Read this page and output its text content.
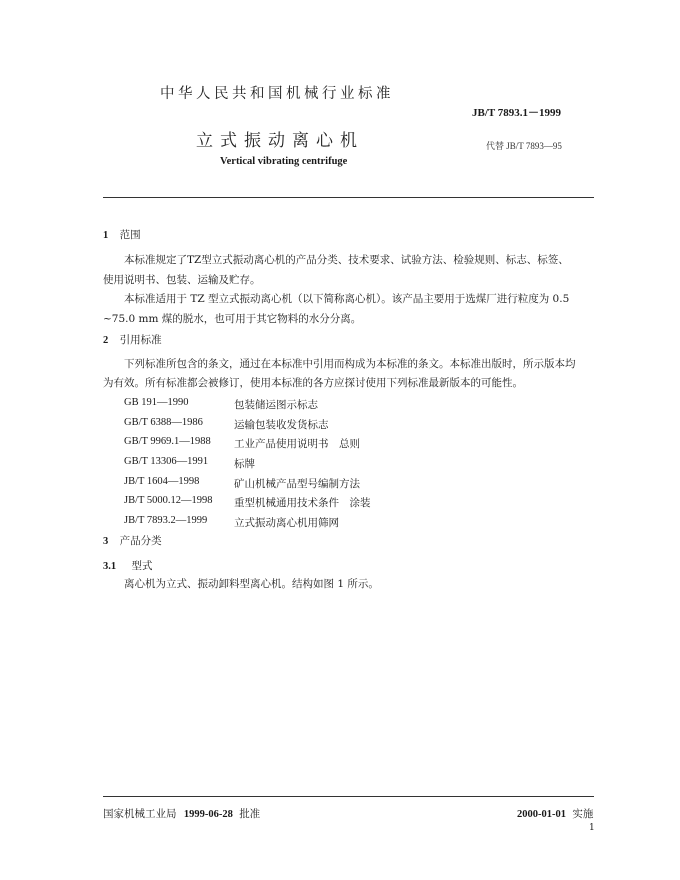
中华人民共和国机械行业标准
JB/T 7893.1－1999
立式振动离心机	代替 JB/T 7893—95
Vertical vibrating centrifuge
1 范围
本标准规定了TZ型立式振动离心机的产品分类、技术要求、试验方法、检验规则、标志、标签、
使用说明书、包装、运输及贮存。
本标准适用于 TZ 型立式振动离心机（以下简称离心机）。该产品主要用于选煤厂进行粒度为 0.5
~75.0 mm 煤的脱水，也可用于其它物料的水分分离。
2 引用标准
下列标准所包含的条文，通过在本标准中引用而构成为本标准的条文。本标准出版时，所示版本均
为有效。所有标准都会被修订，使用本标准的各方应探讨使用下列标准最新版本的可能性。
GB 191—1990	包装储运图示标志
GB/T 6388—1986	运输包装收发货标志
GB/T 9969.1—1988 工业产品使用说明书　总则
GB/T 13306—1991 标牌
JB/T 1604—1998	矿山机械产品型号编制方法
JB/T 5000.12—1998 重型机械通用技术条件　涂装
JB/T 7893.2—1999	立式振动离心机用筛网
3 产品分类
3.1 型式
离心机为立式、振动卸料型离心机。结构如图 1 所示。
国家机械工业局 1999-06-28 批准	2000-01-01 实施
1
